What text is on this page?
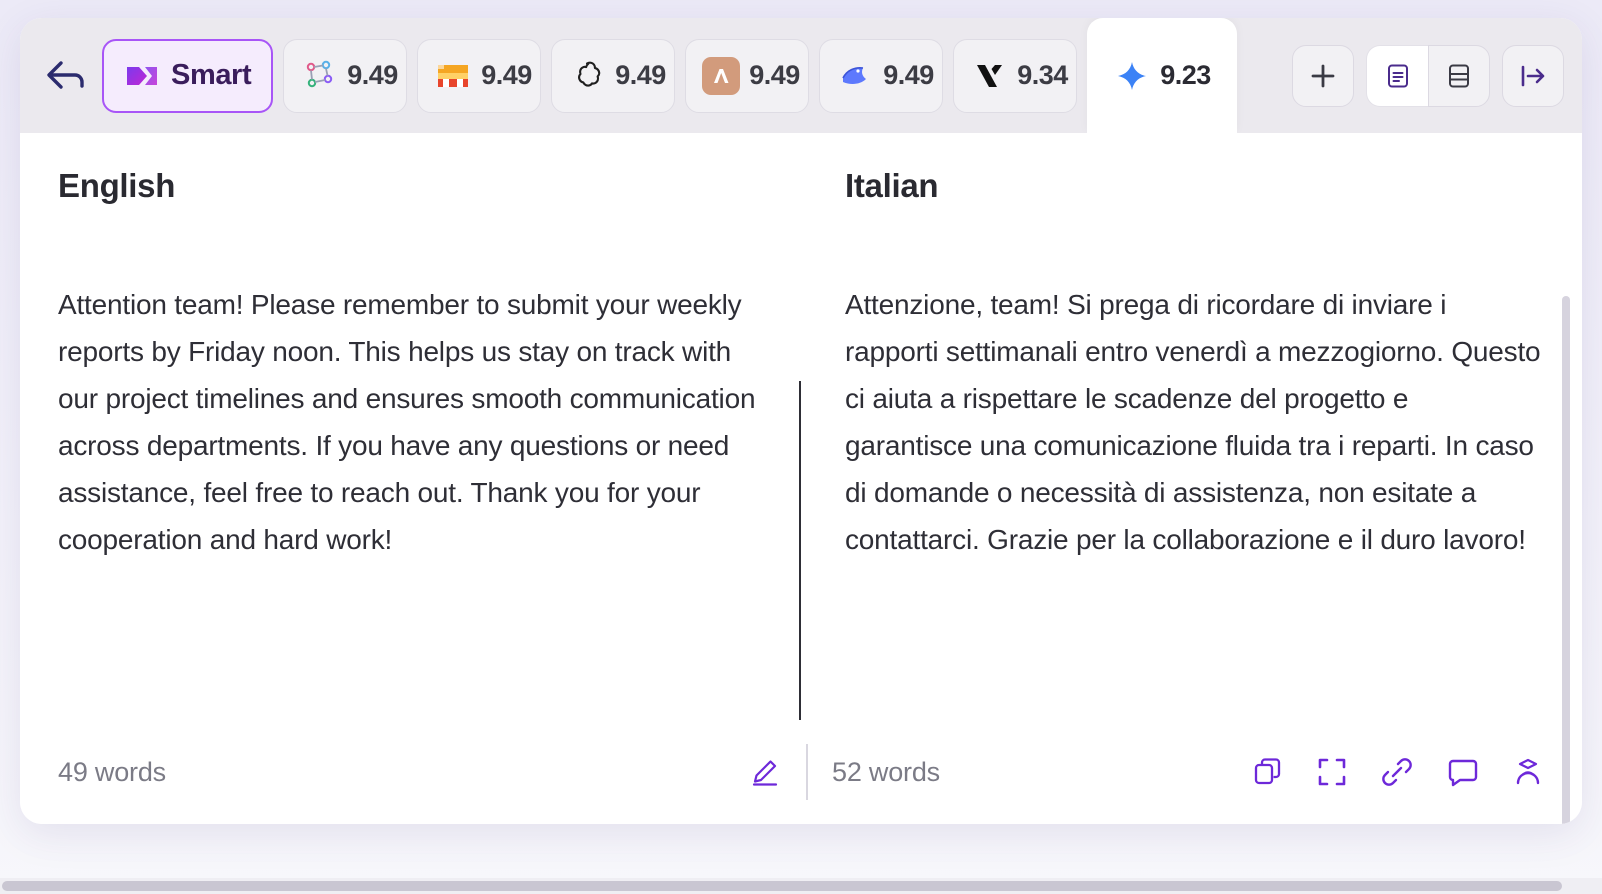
Smart	9.49	9.49	9.49	9.49	9.49	9.34	9.23
English
Attention team! Please remember to submit your weekly reports by Friday noon. This helps us stay on track with our project timelines and ensures smooth communication across departments. If you have any questions or need assistance, feel free to reach out. Thank you for your cooperation and hard work!
Italian
Attenzione, team! Si prega di ricordare di inviare i rapporti settimanali entro venerdì a mezzogiorno. Questo ci aiuta a rispettare le scadenze del progetto e garantisce una comunicazione fluida tra i reparti. In caso di domande o necessità di assistenza, non esitate a contattarci. Grazie per la collaborazione e il duro lavoro!
49 words	52 words
